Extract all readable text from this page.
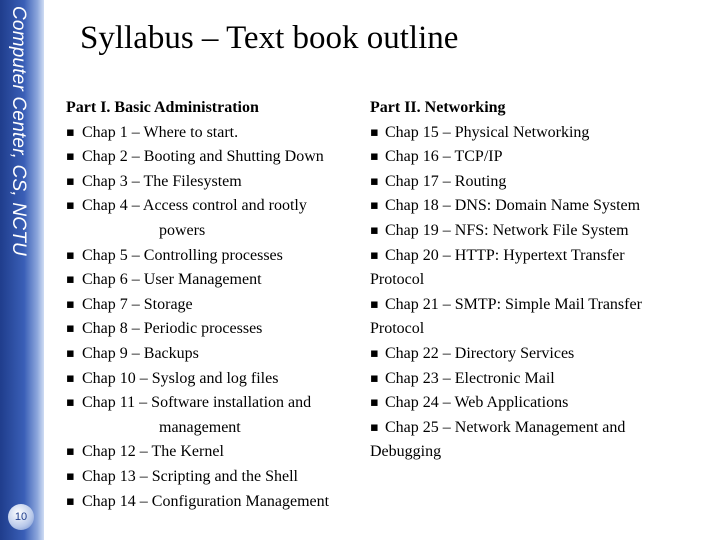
Computer Center, CS, NCTU
10
Syllabus – Text book outline
Part I. Basic Administration
▪ Chap 1 – Where to start.
▪ Chap 2 – Booting and Shutting Down
▪ Chap 3 – The Filesystem
▪ Chap 4 – Access control and rootly
powers
▪ Chap 5 – Controlling processes
▪ Chap 6 – User Management
▪ Chap 7 – Storage
▪ Chap 8 – Periodic processes
▪ Chap 9 – Backups
▪ Chap 10 – Syslog and log files
▪ Chap 11 – Software installation and
management
▪ Chap 12 – The Kernel
▪ Chap 13 – Scripting and the Shell
▪ Chap 14 – Configuration Management
Part II. Networking
▪ Chap 15 – Physical Networking
▪ Chap 16 – TCP/IP
▪ Chap 17 – Routing
▪ Chap 18 – DNS: Domain Name System
▪ Chap 19 – NFS: Network File System
▪ Chap 20 – HTTP: Hypertext Transfer
Protocol
▪ Chap 21 – SMTP: Simple Mail Transfer
Protocol
▪ Chap 22 – Directory Services
▪ Chap 23 – Electronic Mail
▪ Chap 24 – Web Applications
▪ Chap 25 – Network Management and
Debugging
